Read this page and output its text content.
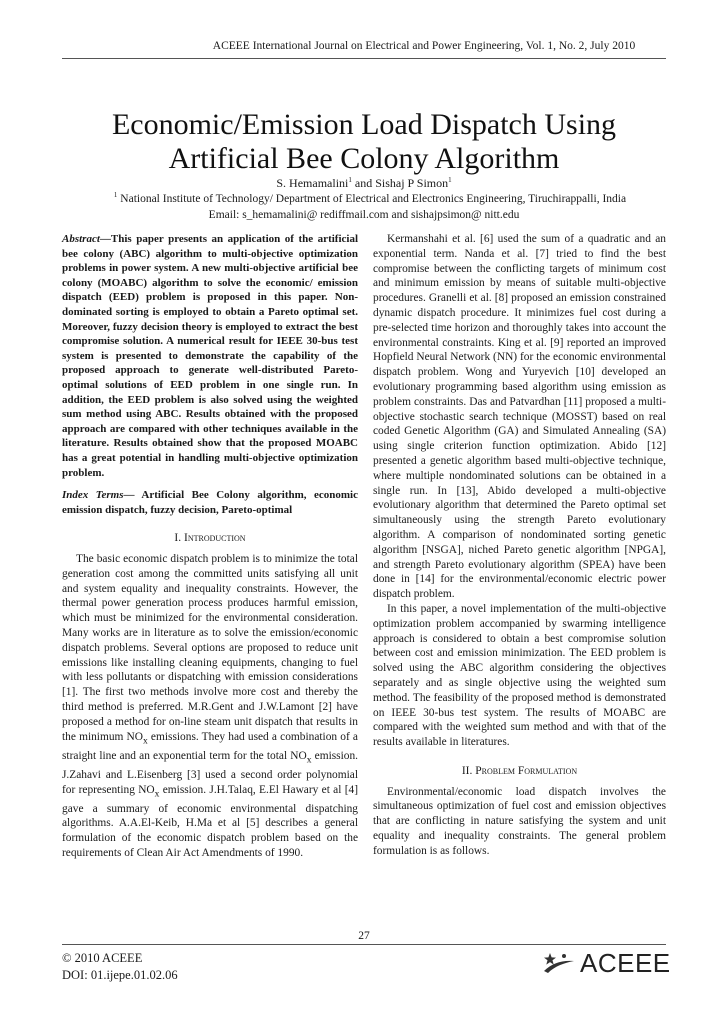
ACEEE International Journal on Electrical and Power Engineering, Vol. 1, No. 2, July 2010
Economic/Emission Load Dispatch Using
Artificial Bee Colony Algorithm
S. Hemamalini$^1$ and Sishaj P Simon$^1$
$^1$ National Institute of Technology/ Department of Electrical and Electronics Engineering, Tiruchirappalli, India
Email: s_hemamalini@ rediffmail.com and sishajpsimon@ nitt.edu

Abstract—This paper presents an application of the artificial bee colony (ABC) algorithm to multi-objective optimization problems in power system. A new multi-objective artificial bee colony (MOABC) algorithm to solve the economic/ emission dispatch (EED) problem is proposed in this paper. Non-dominated sorting is employed to obtain a Pareto optimal set. Moreover, fuzzy decision theory is employed to extract the best compromise solution. A numerical result for IEEE 30-bus test system is presented to demonstrate the capability of the proposed approach to generate well-distributed Pareto-optimal solutions of EED problem in one single run. In addition, the EED problem is also solved using the weighted sum method using ABC. Results obtained with the proposed approach are compared with other techniques available in the literature. Results obtained show that the proposed MOABC has a great potential in handling multi-objective optimization problem.

Index Terms— Artificial Bee Colony algorithm, economic emission dispatch, fuzzy decision, Pareto-optimal

I. Introduction

The basic economic dispatch problem is to minimize the total generation cost among the committed units satisfying all unit and system equality and inequality constraints. However, the thermal power generation process produces harmful emission, which must be minimized for the environmental consideration. Many works are in literature as to solve the emission/economic dispatch problems. Several options are proposed to reduce unit emissions like installing cleaning equipments, changing to fuel with less pollutants or dispatching with emission considerations [1]. The first two methods involve more cost and thereby the third method is preferred. M.R.Gent and J.W.Lamont [2] have proposed a method for on-line steam unit dispatch that results in the minimum $NO_x$ emissions. They had used a combination of a straight line and an exponential term for the total $NO_x$ emission. J.Zahavi and L.Eisenberg [3] used a second order polynomial for representing $NO_x$ emission. J.H.Talaq, E.El Hawary et al [4] gave a summary of economic environmental dispatching algorithms. A.A.El-Keib, H.Ma et al [5] describes a general formulation of the economic dispatch problem based on the requirements of Clean Air Act Amendments of 1990.

Kermanshahi et al. [6] used the sum of a quadratic and an exponential term. Nanda et al. [7] tried to find the best compromise between the conflicting targets of minimum cost and minimum emission by means of suitable multi-objective procedures. Granelli et al. [8] proposed an emission constrained dynamic dispatch procedure. It minimizes fuel cost during a pre-selected time horizon and thoroughly takes into account the environmental constraints. King et al. [9] reported an improved Hopfield Neural Network (NN) for the economic environmental dispatch problem. Wong and Yuryevich [10] developed an evolutionary programming based algorithm using emission as problem constraints. Das and Patvardhan [11] proposed a multi-objective stochastic search technique (MOSST) based on real coded Genetic Algorithm (GA) and Simulated Annealing (SA) using single criterion function optimization. Abido [12] presented a genetic algorithm based multi-objective technique, where multiple nondominated solutions can be obtained in a single run. In [13], Abido developed a multi-objective evolutionary algorithm that determined the Pareto optimal set simultaneously using the strength Pareto evolutionary algorithm. A comparison of nondominated sorting genetic algorithm [NSGA], niched Pareto genetic algorithm [NPGA], and strength Pareto evolutionary algorithm (SPEA) have been done in [14] for the environmental/economic electric power dispatch problem.

In this paper, a novel implementation of the multi-objective optimization problem accompanied by swarming intelligence approach is considered to obtain a best compromise solution between cost and emission minimization. The EED problem is solved using the ABC algorithm considering the objectives separately and as single objective using the weighted sum method. The feasibility of the proposed method is demonstrated on IEEE 30-bus test system. The results of MOABC are compared with the weighted sum method and with that of the results available in literatures.

II. Problem Formulation

Environmental/economic load dispatch involves the simultaneous optimization of fuel cost and emission objectives that are conflicting in nature satisfying the system and unit equality and inequality constraints. The general problem formulation is as follows.

27
© 2010 ACEEE
DOI: 01.ijepe.01.02.06	ACEEE
